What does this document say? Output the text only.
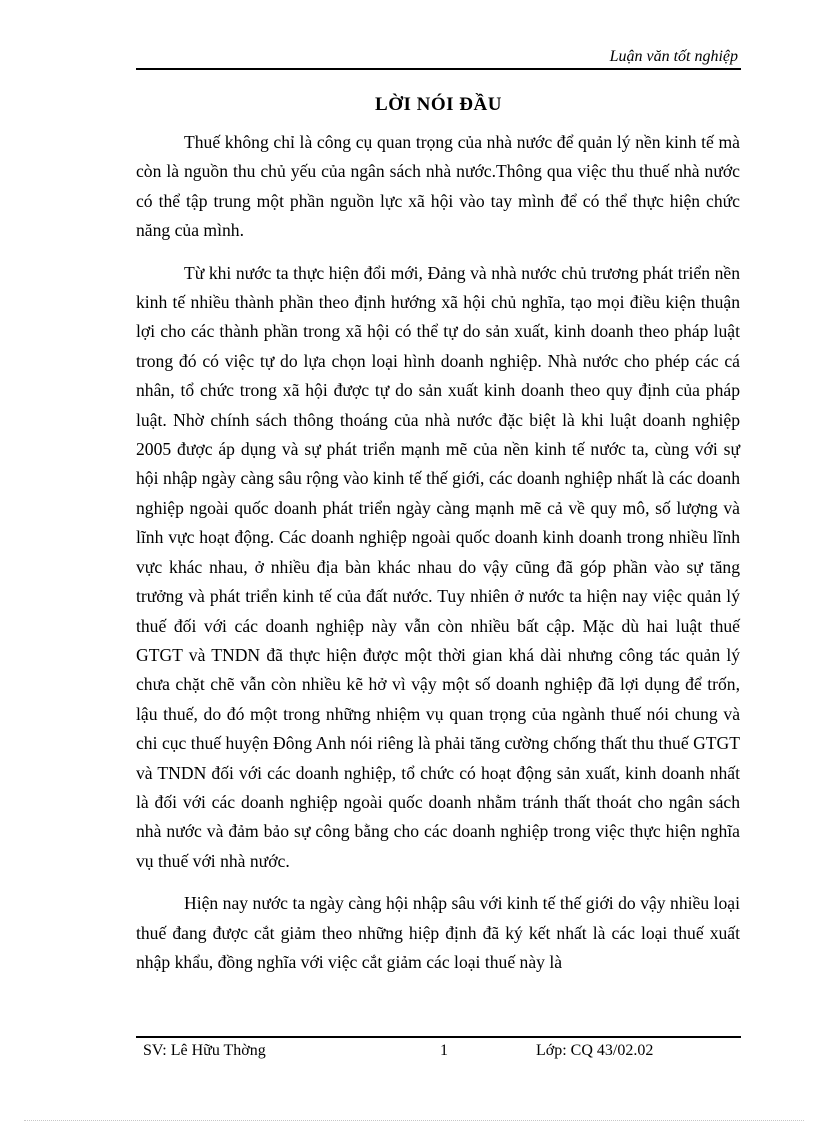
Luận văn tốt nghiệp
LỜI NÓI ĐẦU

Thuế không chỉ là công cụ quan trọng của nhà nước để quản lý nền kinh tế mà còn là nguồn thu chủ yếu của ngân sách nhà nước.Thông qua việc thu thuế nhà nước có thể tập trung một phần nguồn lực xã hội vào tay mình để có thể thực hiện chức năng của mình.

Từ khi nước ta thực hiện đổi mới, Đảng và nhà nước chủ trương phát triển nền kinh tế nhiều thành phần theo định hướng xã hội chủ nghĩa, tạo mọi điều kiện thuận lợi cho các thành phần trong xã hội có thể tự do sản xuất, kinh doanh theo pháp luật trong đó có việc tự do lựa chọn loại hình doanh nghiệp. Nhà nước cho phép các cá nhân, tổ chức trong xã hội được tự do sản xuất kinh doanh theo quy định của pháp luật. Nhờ chính sách thông thoáng của nhà nước đặc biệt là khi luật doanh nghiệp 2005 được áp dụng và sự phát triển mạnh mẽ của nền kinh tế nước ta, cùng với sự hội nhập ngày càng sâu rộng vào kinh tế thế giới, các doanh nghiệp nhất là các doanh nghiệp ngoài quốc doanh phát triển ngày càng mạnh mẽ cả về quy mô, số lượng và lĩnh vực hoạt động. Các doanh nghiệp ngoài quốc doanh kinh doanh trong nhiều lĩnh vực khác nhau, ở nhiều địa bàn khác nhau do vậy cũng đã góp phần vào sự tăng trưởng và phát triển kinh tế của đất nước. Tuy nhiên ở nước ta hiện nay việc quản lý thuế đối với các doanh nghiệp này vẫn còn nhiều bất cập. Mặc dù hai luật thuế GTGT và TNDN đã thực hiện được một thời gian khá dài nhưng công tác quản lý chưa chặt chẽ vẫn còn nhiều kẽ hở vì vậy một số doanh nghiệp đã lợi dụng để trốn, lậu thuế, do đó một trong những nhiệm vụ quan trọng của ngành thuế nói chung và chi cục thuế huyện Đông Anh nói riêng là phải tăng cường chống thất thu thuế GTGT và TNDN đối với các doanh nghiệp, tổ chức có hoạt động sản xuất, kinh doanh nhất là đối với các doanh nghiệp ngoài quốc doanh nhằm tránh thất thoát cho ngân sách nhà nước và đảm bảo sự công bằng cho các doanh nghiệp trong việc thực hiện nghĩa vụ thuế với nhà nước.

Hiện nay nước ta ngày càng hội nhập sâu với kinh tế thế giới do vậy nhiều loại thuế đang được cắt giảm theo những hiệp định đã ký kết nhất là các loại thuế xuất nhập khẩu, đồng nghĩa với việc cắt giảm các loại thuế này là

SV: Lê Hữu Thờng	1	Lớp: CQ 43/02.02
